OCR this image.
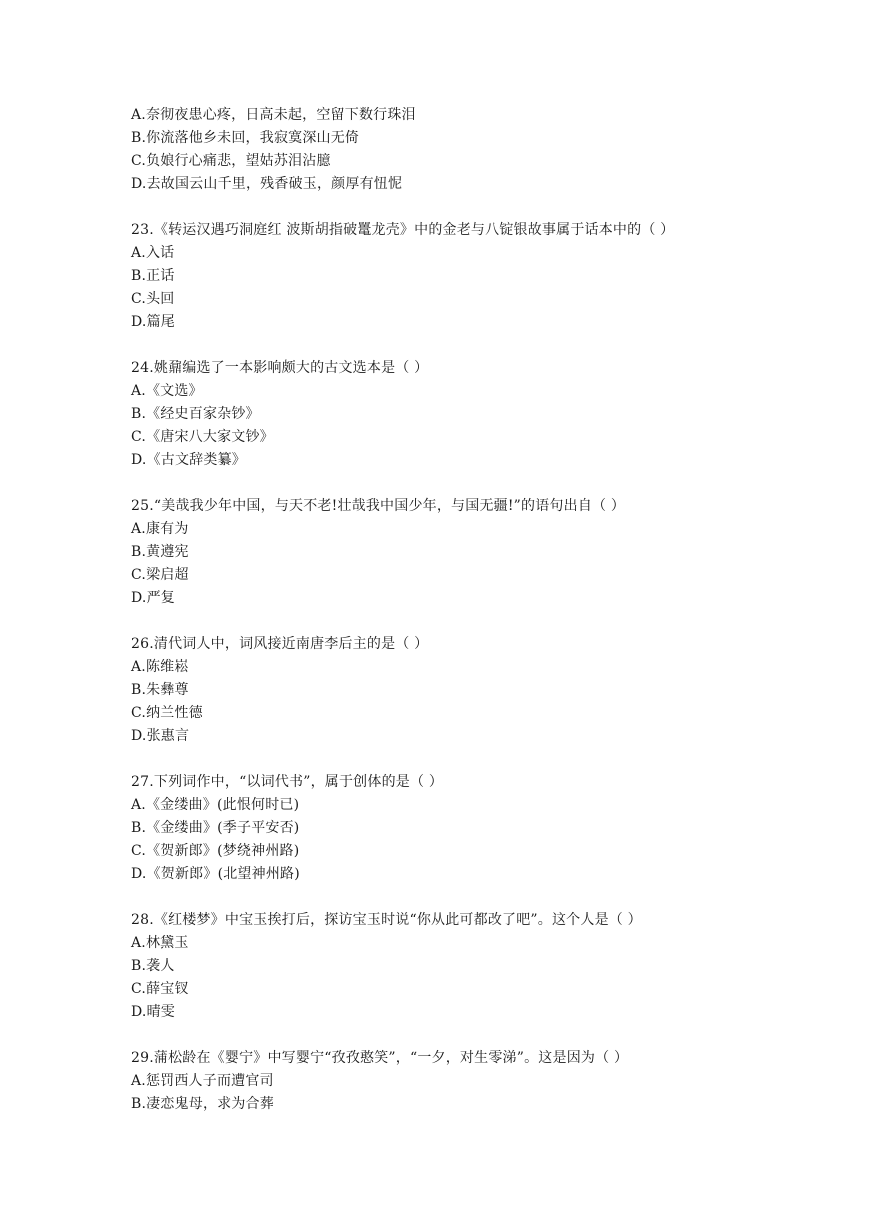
A.奈彻夜患心疼，日高未起，空留下数行珠泪
B.你流落他乡未回，我寂寞深山无倚
C.负娘行心痛悲，望姑苏泪沾臆
D.去故国云山千里，残香破玉，颜厚有忸怩
23.《转运汉遇巧洞庭红 波斯胡指破鼍龙壳》中的金老与八锭银故事属于话本中的（ ）
A.入话
B.正话
C.头回
D.篇尾
24.姚鼐编选了一本影响颇大的古文选本是（ ）
A.《文选》
B.《经史百家杂钞》
C.《唐宋八大家文钞》
D.《古文辞类纂》
25.“美哉我少年中国，与天不老!壮哉我中国少年，与国无疆!”的语句出自（ ）
A.康有为
B.黄遵宪
C.梁启超
D.严复
26.清代词人中，词风接近南唐李后主的是（ ）
A.陈维崧
B.朱彝尊
C.纳兰性德
D.张惠言
27.下列词作中，“以词代书”，属于创体的是（ ）
A.《金缕曲》(此恨何时已)
B.《金缕曲》(季子平安否)
C.《贺新郎》(梦绕神州路)
D.《贺新郎》(北望神州路)
28.《红楼梦》中宝玉挨打后，探访宝玉时说“你从此可都改了吧”。这个人是（ ）
A.林黛玉
B.袭人
C.薛宝钗
D.晴雯
29.蒲松龄在《婴宁》中写婴宁“孜孜憨笑”，“一夕，对生零涕”。这是因为（ ）
A.惩罚西人子而遭官司
B.凄恋鬼母，求为合葬
